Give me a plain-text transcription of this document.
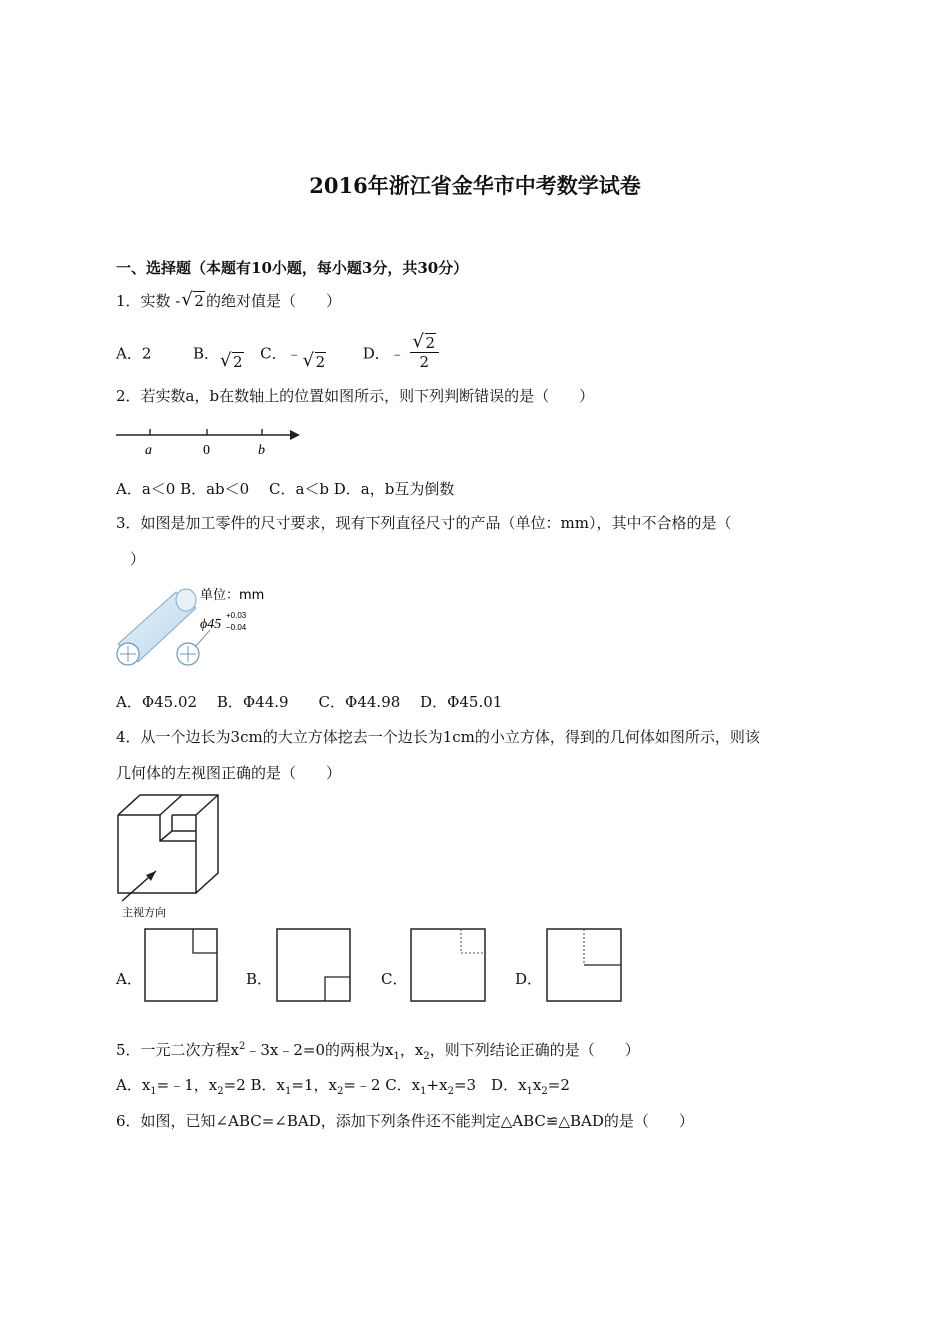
2016年浙江省金华市中考数学试卷
一、选择题（本题有10小题，每小题3分，共30分）
1．实数 - √ 2 的绝对值是（　　）
A．2	B． √ 2 C．﹣ √ 2	D．﹣ √ $\frac{2}{2}$
2．若实数a，b在数轴上的位置如图所示，则下列判断错误的是（　　）
a	0	b
A．a＜0 B．ab＜0　 C．a＜b D．a，b互为倒数
3．如图是加工零件的尺寸要求，现有下列直径尺寸的产品（单位：mm），其中不合格的是（
）
单位：mm
ϕ45
+0.03
−0.04
A．Φ45.02　 B．Φ44.9　　C．Φ44.98　 D．Φ45.01
4．从一个边长为3cm的大立方体挖去一个边长为1cm的小立方体，得到的几何体如图所示，则该
几何体的左视图正确的是（　　）
主视方向
A．	B．	C．	D．
5．一元二次方程$x^2﹣3x﹣2=0$的两根为$x_1$，$x_2$，则下列结论正确的是（　　）
A．$x_1=﹣1$，$x_2=2$ B．$x_1=1$，$x_2=﹣2$ C．$x_1+x_2=3$　D．$x_1x_2=2$
6．如图，已知∠ABC=∠BAD，添加下列条件还不能判定△ABC≌△BAD的是（　　）
